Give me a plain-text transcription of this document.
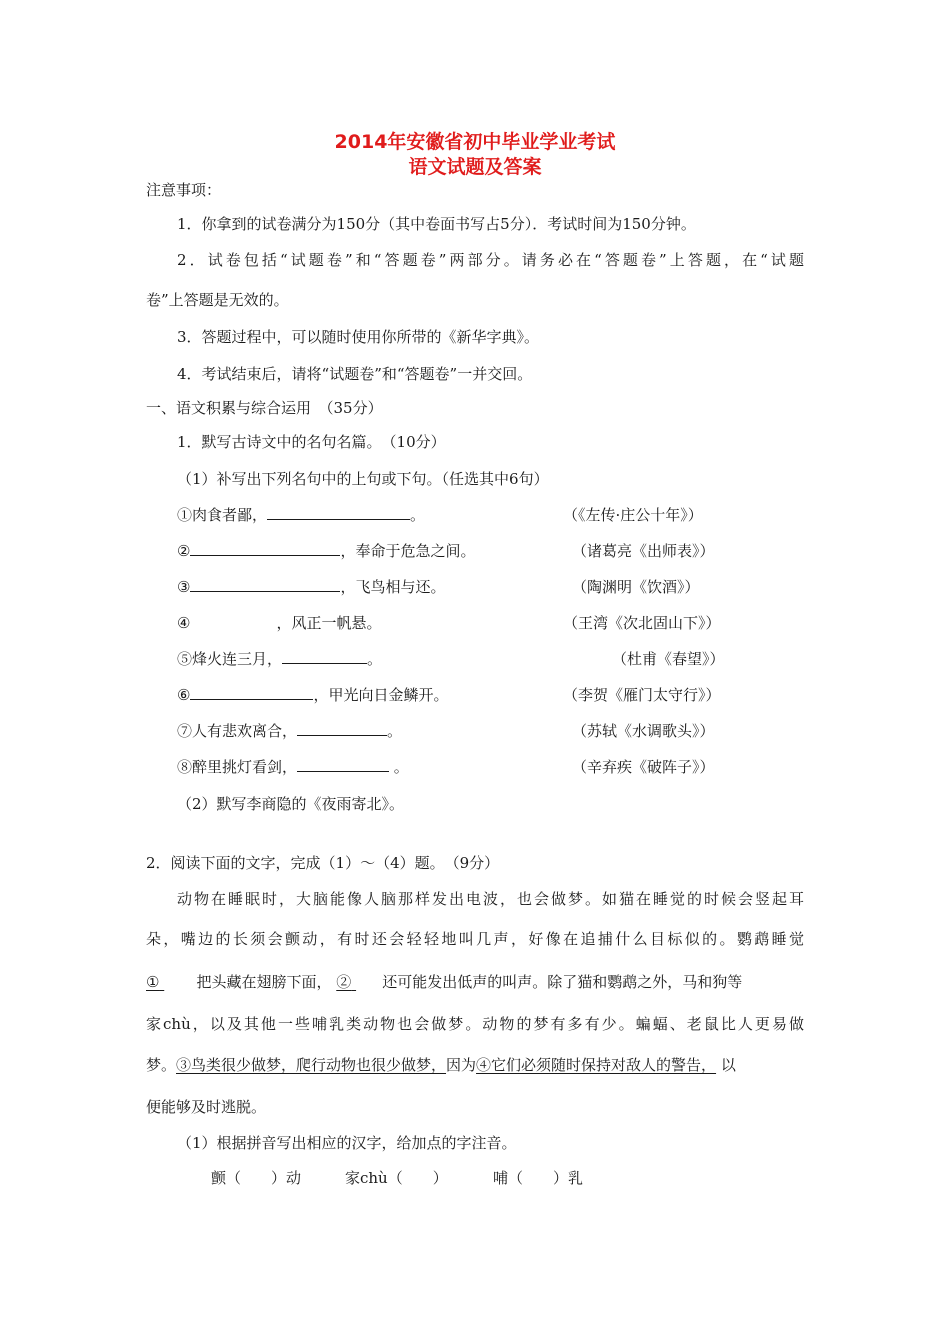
2014年安徽省初中毕业学业考试
语文试题及答案
注意事项：
1．你拿到的试卷满分为150分（其中卷面书写占5分）．考试时间为150分钟。
2．试卷包括“试题卷”和“答题卷”两部分。请务必在“答题卷”上答题，在“试题
卷”上答题是无效的。
3．答题过程中，可以随时使用你所带的《新华字典》。
4．考试结束后，请将“试题卷”和“答题卷”一并交回。
一、语文积累与综合运用　（35分）
1．默写古诗文中的名句名篇。　（10分）
（1）补写出下列名句中的上句或下句。（任选其中6句）
①肉食者鄙，	。	（《左传·庄公十年》）
②	，奉命于危急之间。	（诸葛亮《出师表》）
③	，飞鸟相与还。	（陶渊明《饮酒》）
④	，风正一帆悬。	（王湾《次北固山下》）
⑤烽火连三月，	。	（杜甫《春望》）
⑥	，甲光向日金鳞开。	（李贺《雁门太守行》）
⑦人有悲欢离合，	。	（苏轼《水调歌头》）
⑧醉里挑灯看剑，	。	（辛弃疾《破阵子》）
（2）默写李商隐的《夜雨寄北》。
2．阅读下面的文字，完成（1）～（4）题。　（9分）
动物在睡眠时，大脑能像人脑那样发出电波，也会做梦。如猫在睡觉的时候会竖起耳
朵，嘴边的长须会颤动，有时还会轻轻地叫几声，好像在追捕什么目标似的。鹦鹉睡觉
① 　 把头藏在翅膀下面， ② 　 还可能发出低声的叫声。除了猫和鹦鹉之外，马和狗等
家chù，以及其他一些哺乳类动物也会做梦。动物的梦有多有少。蝙蝠、老鼠比人更易做
梦。③鸟类很少做梦，爬行动物也很少做梦，因为④它们必须随时保持对敌人的警告， 以
便能够及时逃脱。
（1）根据拼音写出相应的汉字，给加点的字注音。
颤（　　）动	家chù（　　）	哺（　　）乳
